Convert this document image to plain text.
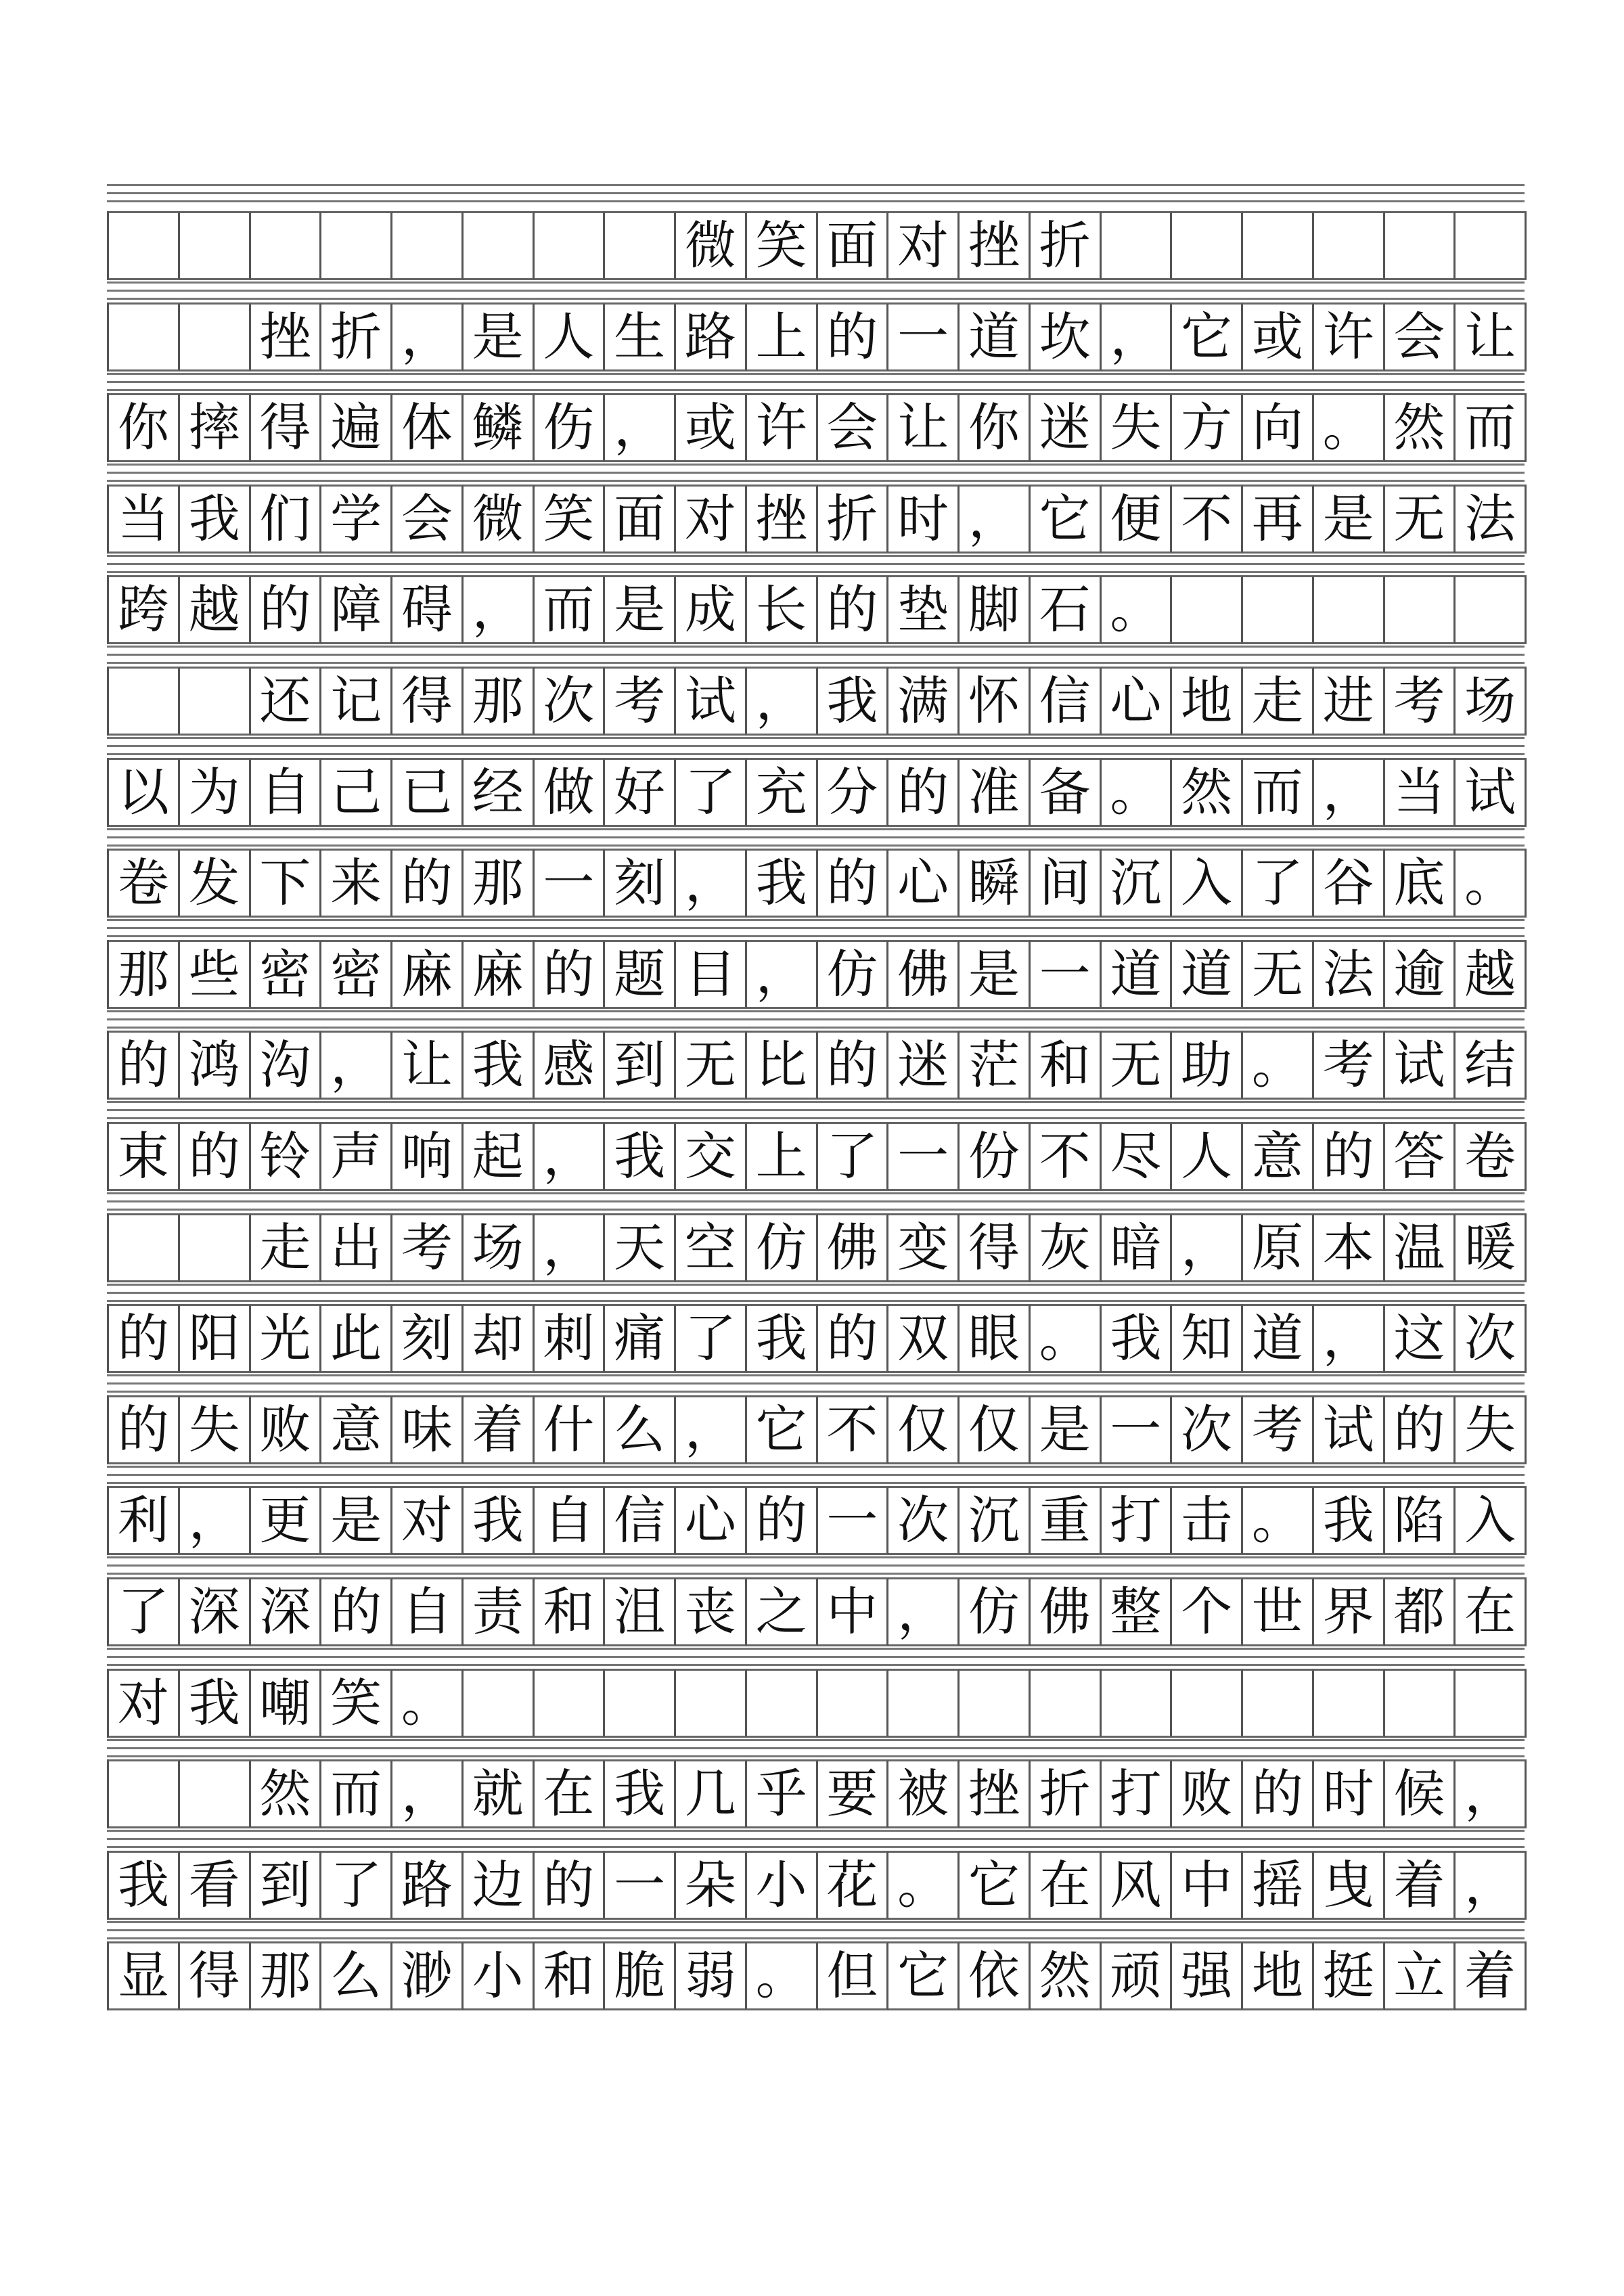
微 笑 面 对 挫 折
挫 折 ， 是 人 生 路 上 的 一 道 坎 ， 它 或 许 会 让
你 摔 得 遍 体 鳞 伤 ， 或 许 会 让 你 迷 失 方 向 。 然 而
当 我 们 学 会 微 笑 面 对 挫 折 时 ， 它 便 不 再 是 无 法
跨 越 的 障 碍 ， 而 是 成 长 的 垫 脚 石 。
还 记 得 那 次 考 试 ， 我 满 怀 信 心 地 走 进 考 场
以 为 自 己 已 经 做 好 了 充 分 的 准 备 。 然 而 ， 当 试
卷 发 下 来 的 那 一 刻 ， 我 的 心 瞬 间 沉 入 了 谷 底 。
那 些 密 密 麻 麻 的 题 目 ， 仿 佛 是 一 道 道 无 法 逾 越
的 鸿 沟 ， 让 我 感 到 无 比 的 迷 茫 和 无 助 。 考 试 结
束 的 铃 声 响 起 ， 我 交 上 了 一 份 不 尽 人 意 的 答 卷
走 出 考 场 ， 天 空 仿 佛 变 得 灰 暗 ， 原 本 温 暖
的 阳 光 此 刻 却 刺 痛 了 我 的 双 眼 。 我 知 道 ， 这 次
的 失 败 意 味 着 什 么 ， 它 不 仅 仅 是 一 次 考 试 的 失
利 ， 更 是 对 我 自 信 心 的 一 次 沉 重 打 击 。 我 陷 入
了 深 深 的 自 责 和 沮 丧 之 中 ， 仿 佛 整 个 世 界 都 在
对 我 嘲 笑 。
然 而 ， 就 在 我 几 乎 要 被 挫 折 打 败 的 时 候 ，
我 看 到 了 路 边 的 一 朵 小 花 。 它 在 风 中 摇 曳 着 ，
显 得 那 么 渺 小 和 脆 弱 。 但 它 依 然 顽 强 地 挺 立 着
